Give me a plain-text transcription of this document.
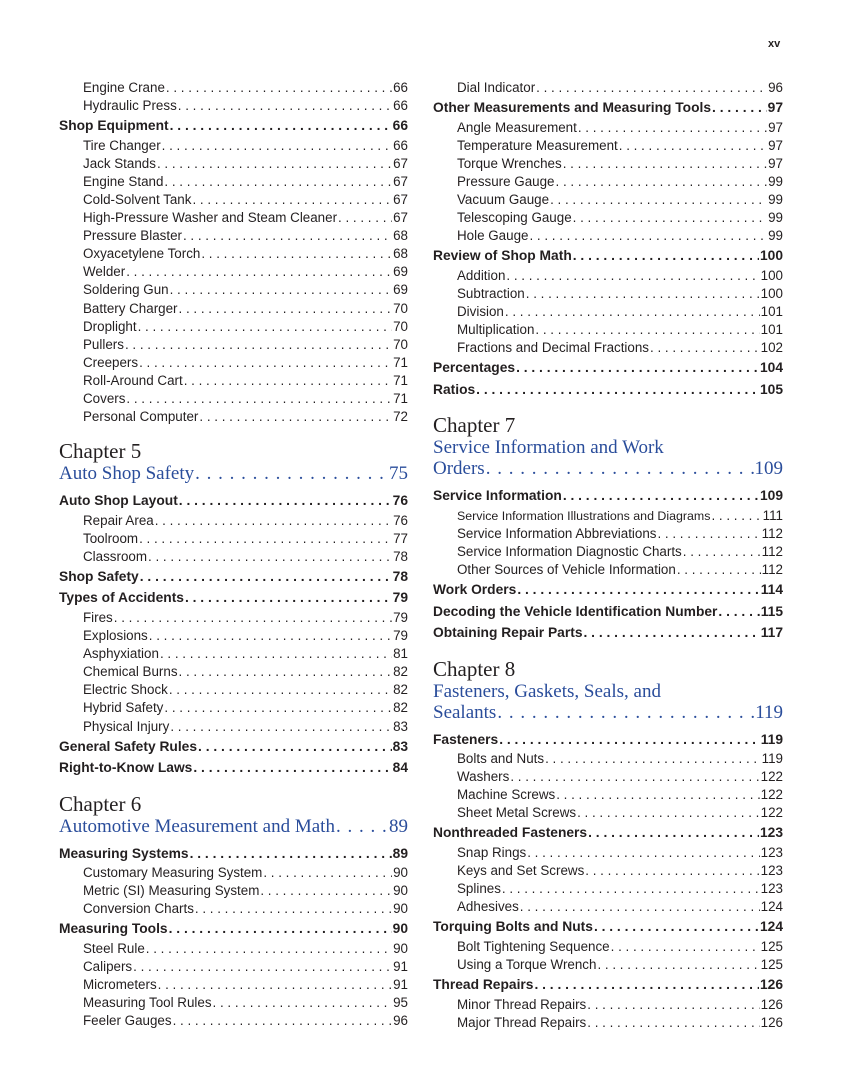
xv
Engine Crane . . .	66
Hydraulic Press . . .	66
Shop Equipment . . .	66
Tire Changer . . .	66
Jack Stands . . .	67
Engine Stand . . .	67
Cold-Solvent Tank . . .	67
High-Pressure Washer and Steam Cleaner . . .	67
Pressure Blaster . . .	68
Oxyacetylene Torch . . .	68
Welder . . .	69
Soldering Gun . . .	69
Battery Charger . . .	70
Droplight . . .	70
Pullers . . .	70
Creepers . . .	71
Roll-Around Cart . . .	71
Covers . . .	71
Personal Computer . . .	72
Chapter 5
Auto Shop Safety . . .	75
Auto Shop Layout . . .	76
Repair Area . . .	76
Toolroom . . .	77
Classroom . . .	78
Shop Safety . . .	78
Types of Accidents . . .	79
Fires . . .	79
Explosions . . .	79
Asphyxiation . . .	81
Chemical Burns . . .	82
Electric Shock . . .	82
Hybrid Safety . . .	82
Physical Injury . . .	83
General Safety Rules . . .	83
Right-to-Know Laws . . .	84
Chapter 6
Automotive Measurement and Math . . .	89
Measuring Systems . . .	89
Customary Measuring System . . .	90
Metric (SI) Measuring System . . .	90
Conversion Charts . . .	90
Measuring Tools . . .	90
Steel Rule . . .	90
Calipers . . .	91
Micrometers . . .	91
Measuring Tool Rules . . .	95
Feeler Gauges . . .	96
Dial Indicator . . .	96
Other Measurements and Measuring Tools . . .	97
Angle Measurement . . .	97
Temperature Measurement . . .	97
Torque Wrenches . . .	97
Pressure Gauge . . .	99
Vacuum Gauge . . .	99
Telescoping Gauge . . .	99
Hole Gauge . . .	99
Review of Shop Math . . .	100
Addition . . .	100
Subtraction . . .	100
Division . . .	101
Multiplication . . .	101
Fractions and Decimal Fractions . . .	102
Percentages . . .	104
Ratios . . .	105
Chapter 7
Service Information and Work
Orders . . .	109
Service Information . . .	109
Service Information Illustrations and Diagrams . . .	111
Service Information Abbreviations . . .	112
Service Information Diagnostic Charts . . .	112
Other Sources of Vehicle Information . . .	112
Work Orders . . .	114
Decoding the Vehicle Identification Number . . .	115
Obtaining Repair Parts . . .	117
Chapter 8
Fasteners, Gaskets, Seals, and
Sealants . . .	119
Fasteners . . .	119
Bolts and Nuts . . .	119
Washers . . .	122
Machine Screws . . .	122
Sheet Metal Screws . . .	122
Nonthreaded Fasteners . . .	123
Snap Rings . . .	123
Keys and Set Screws . . .	123
Splines . . .	123
Adhesives . . .	124
Torquing Bolts and Nuts . . .	124
Bolt Tightening Sequence . . .	125
Using a Torque Wrench . . .	125
Thread Repairs . . .	126
Minor Thread Repairs . . .	126
Major Thread Repairs . . .	126
